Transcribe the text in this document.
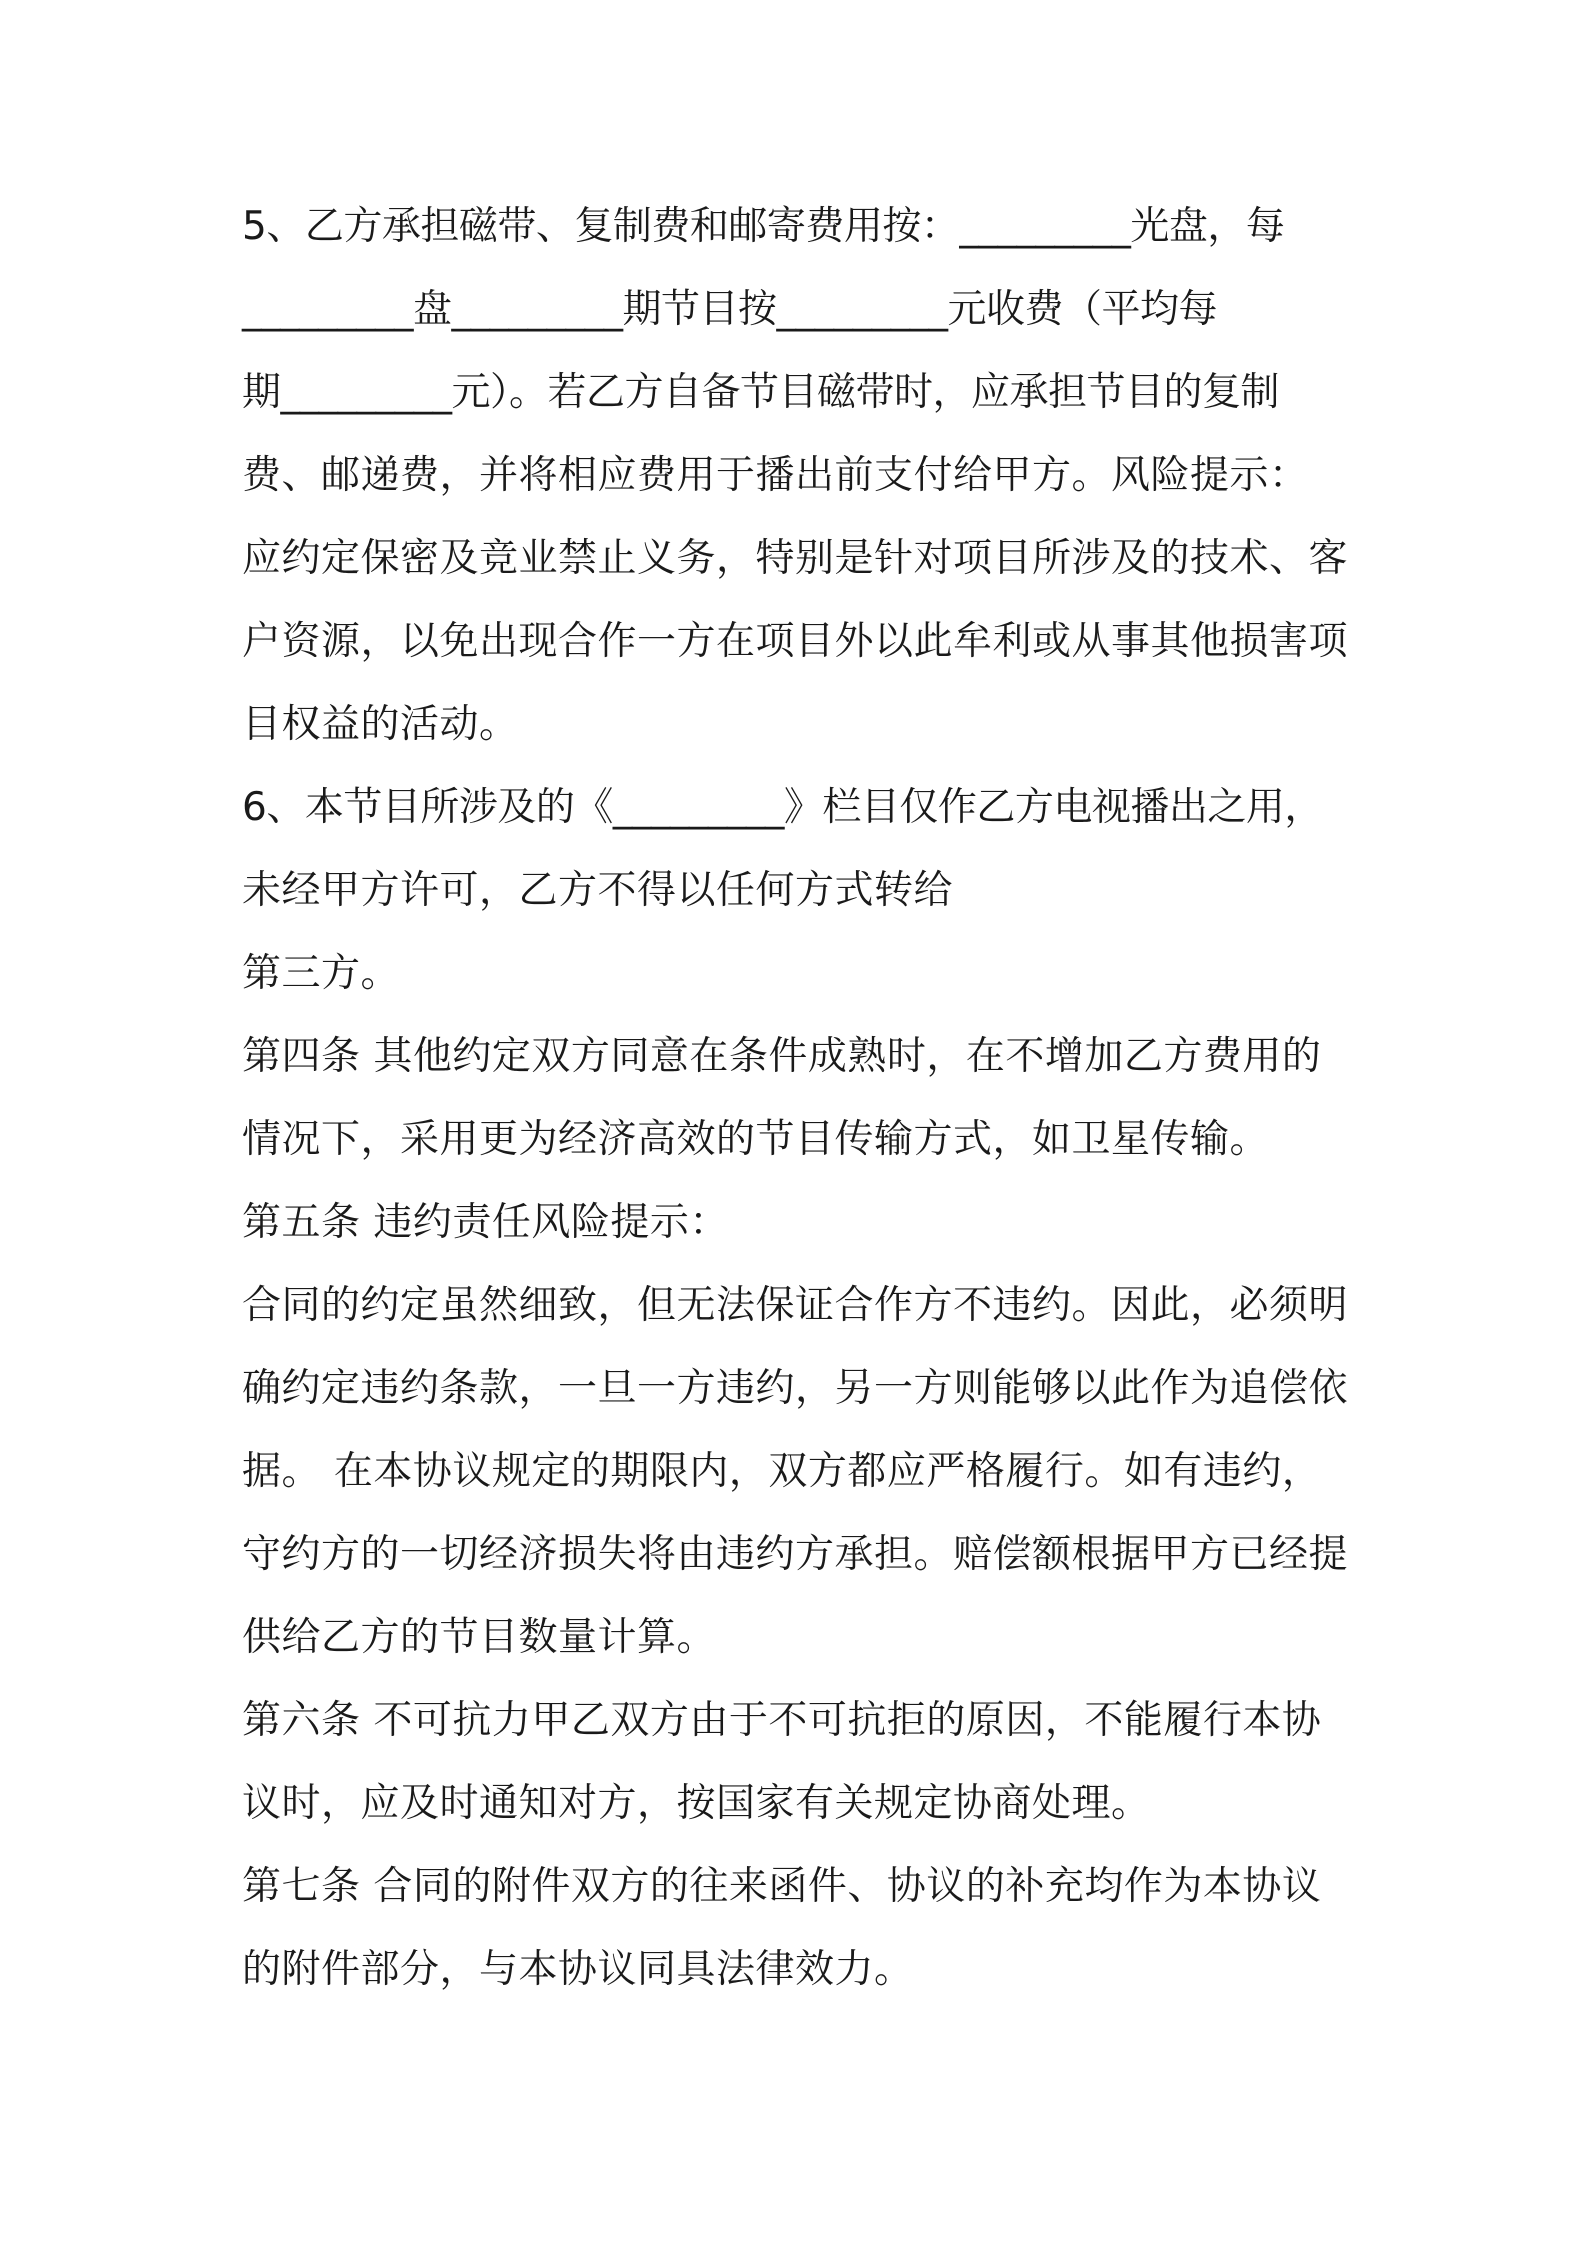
5、乙方承担磁带、复制费和邮寄费用按：_________光盘，每
_________盘_________期节目按_________元收费（平均每
期_________元）。若乙方自备节目磁带时，应承担节目的复制
费、邮递费，并将相应费用于播出前支付给甲方。风险提示：
应约定保密及竞业禁止义务，特别是针对项目所涉及的技术、客
户资源，以免出现合作一方在项目外以此牟利或从事其他损害项
目权益的活动。
6、本节目所涉及的《_________》栏目仅作乙方电视播出之用，
未经甲方许可，乙方不得以任何方式转给
第三方。
第四条 其他约定双方同意在条件成熟时，在不增加乙方费用的
情况下，采用更为经济高效的节目传输方式，如卫星传输。
第五条 违约责任风险提示：
合同的约定虽然细致，但无法保证合作方不违约。因此，必须明
确约定违约条款，一旦一方违约，另一方则能够以此作为追偿依
据。 在本协议规定的期限内，双方都应严格履行。如有违约，
守约方的一切经济损失将由违约方承担。赔偿额根据甲方已经提
供给乙方的节目数量计算。
第六条 不可抗力甲乙双方由于不可抗拒的原因，不能履行本协
议时，应及时通知对方，按国家有关规定协商处理。
第七条 合同的附件双方的往来函件、协议的补充均作为本协议
的附件部分，与本协议同具法律效力。
